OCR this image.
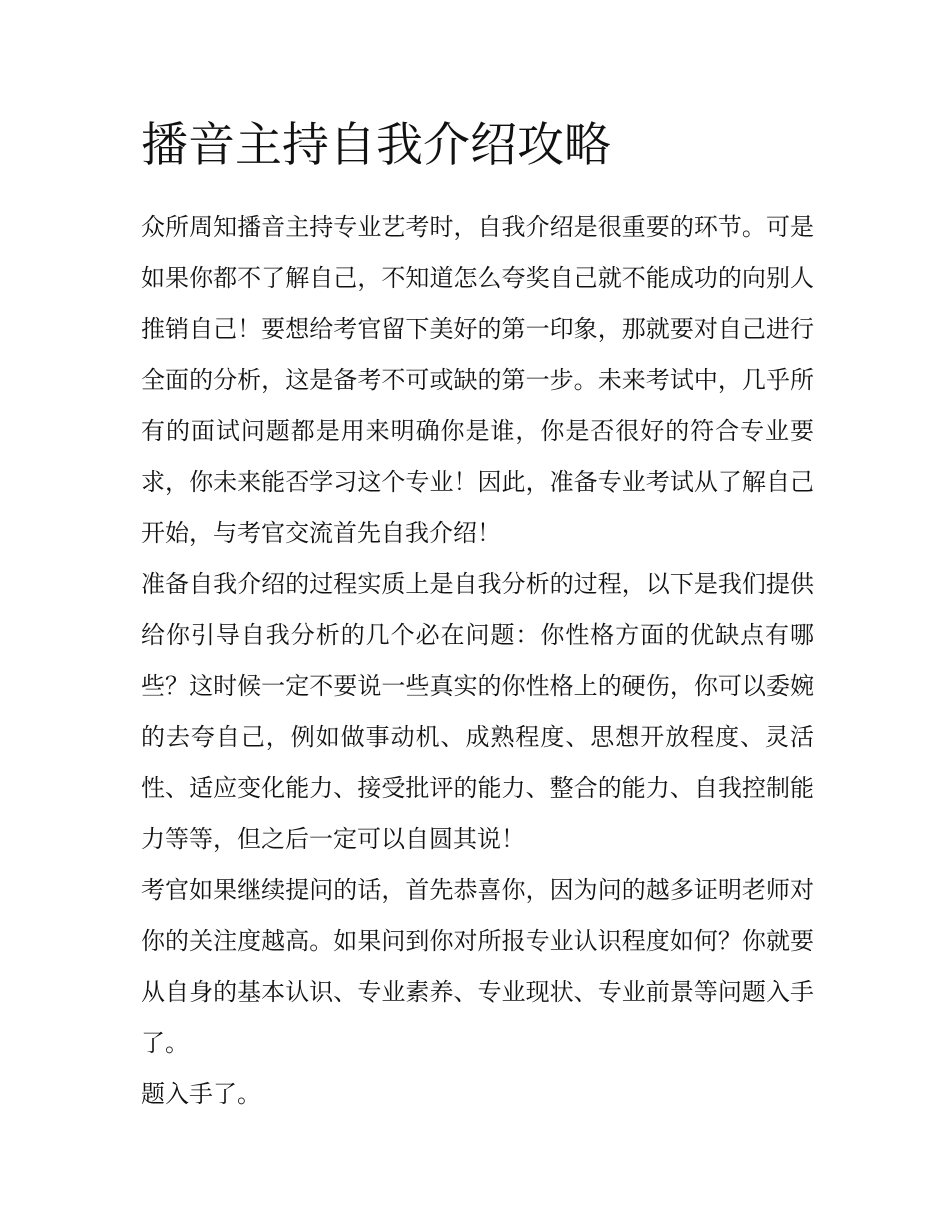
播音主持自我介绍攻略

众所周知播音主持专业艺考时，自我介绍是很重要的环节。可是如果你都不了解自己，不知道怎么夸奖自己就不能成功的向别人推销自己！要想给考官留下美好的第一印象，那就要对自己进行全面的分析，这是备考不可或缺的第一步。未来考试中，几乎所有的面试问题都是用来明确你是谁，你是否很好的符合专业要求，你未来能否学习这个专业！因此，准备专业考试从了解自己开始，与考官交流首先自我介绍！

准备自我介绍的过程实质上是自我分析的过程，以下是我们提供给你引导自我分析的几个必在问题：你性格方面的优缺点有哪些？这时候一定不要说一些真实的你性格上的硬伤，你可以委婉的去夸自己，例如做事动机、成熟程度、思想开放程度、灵活性、适应变化能力、接受批评的能力、整合的能力、自我控制能力等等，但之后一定可以自圆其说！

考官如果继续提问的话，首先恭喜你，因为问的越多证明老师对你的关注度越高。如果问到你对所报专业认识程度如何？你就要从自身的基本认识、专业素养、专业现状、专业前景等问题入手了。

题入手了。
